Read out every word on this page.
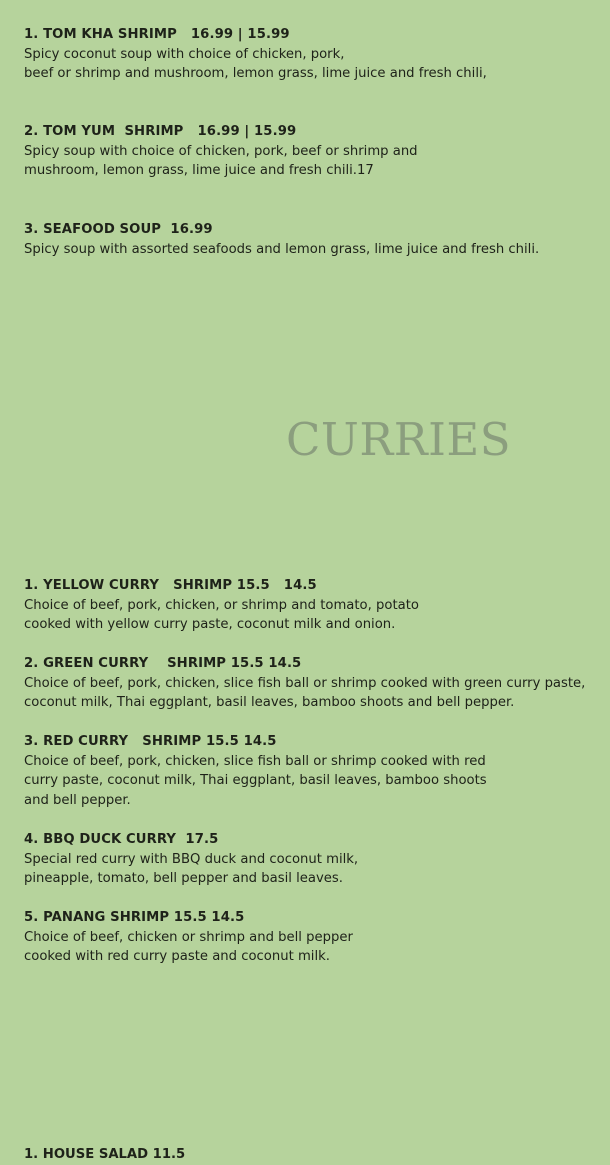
1. TOM KHA SHRIMP   16.99 | 15.99
Spicy coconut soup with choice of chicken, pork,
beef or shrimp and mushroom, lemon grass, lime juice and fresh chili,
2. TOM YUM  SHRIMP   16.99 | 15.99
Spicy soup with choice of chicken, pork, beef or shrimp and
mushroom, lemon grass, lime juice and fresh chili.17
3. SEAFOOD SOUP  16.99
Spicy soup with assorted seafoods and lemon grass, lime juice and fresh chili.
CURRIES
1. YELLOW CURRY   SHRIMP 15.5   14.5
Choice of beef, pork, chicken, or shrimp and tomato, potato
cooked with yellow curry paste, coconut milk and onion.
2. GREEN CURRY    SHRIMP 15.5 14.5
Choice of beef, pork, chicken, slice fish ball or shrimp cooked with green curry paste,
coconut milk, Thai eggplant, basil leaves, bamboo shoots and bell pepper.
3. RED CURRY   SHRIMP 15.5 14.5
Choice of beef, pork, chicken, slice fish ball or shrimp cooked with red
curry paste, coconut milk, Thai eggplant, basil leaves, bamboo shoots
and bell pepper.
4. BBQ DUCK CURRY  17.5
Special red curry with BBQ duck and coconut milk,
pineapple, tomato, bell pepper and basil leaves.
5. PANANG SHRIMP 15.5 14.5
Choice of beef, chicken or shrimp and bell pepper
cooked with red curry paste and coconut milk.
1. HOUSE SALAD 11.5
